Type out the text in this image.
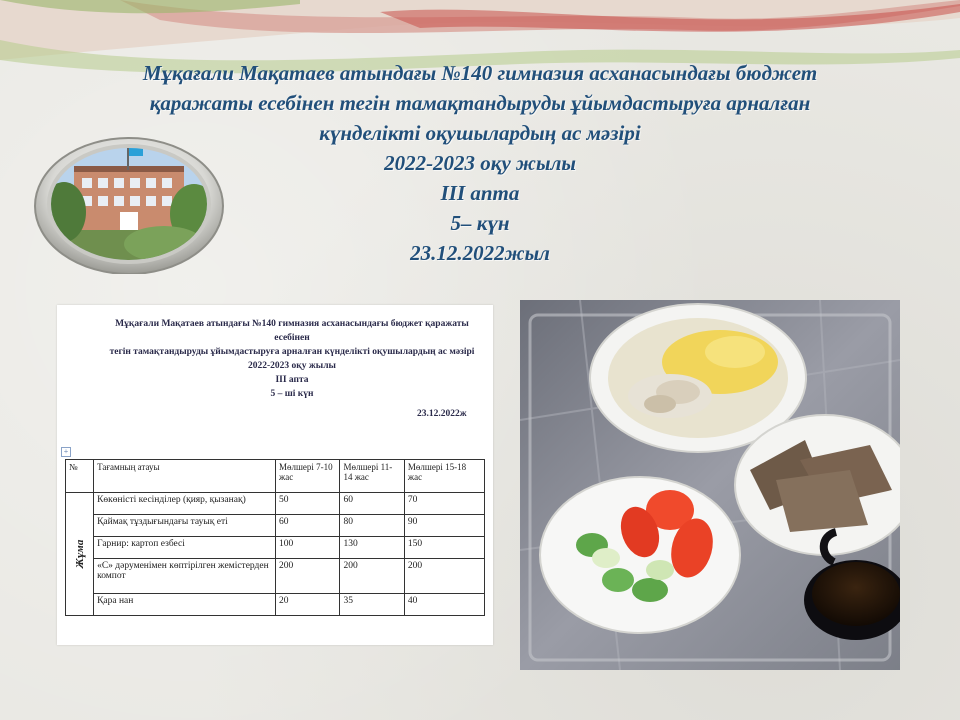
Мұқағали Мақатаев атындағы №140 гимназия асханасындағы бюджет
қаражаты есебінен тегін тамақтандыруды ұйымдастыруға арналған
күнделікті оқушылардың ас мәзірі
2022-2023 оқу жылы
III апта
5– күн
23.12.2022жыл
Мұқағали Мақатаев атындағы №140 гимназия асханасындағы бюджет қаражаты есебінен
тегін тамақтандыруды ұйымдастыруға арналған күнделікті оқушылардың ас мәзірі
2022-2023 оқу жылы
III апта
5 – ші күн
23.12.2022ж
+
№	Тағамның атауы	Мөлшері 7-10 жас	Мөлшері 11-14 жас	Мөлшері 15-18 жас

Жұма	Көкөністі кесінділер (қияр, қызанақ)	50	60	70
	Қаймақ тұздығындағы тауық еті	60	80	90
	Гарнир: картоп езбесі	100	130	150
	«С» дәруменімен көптірілген жемістерден компот	200	200	200
	Қара нан	20	35	40
